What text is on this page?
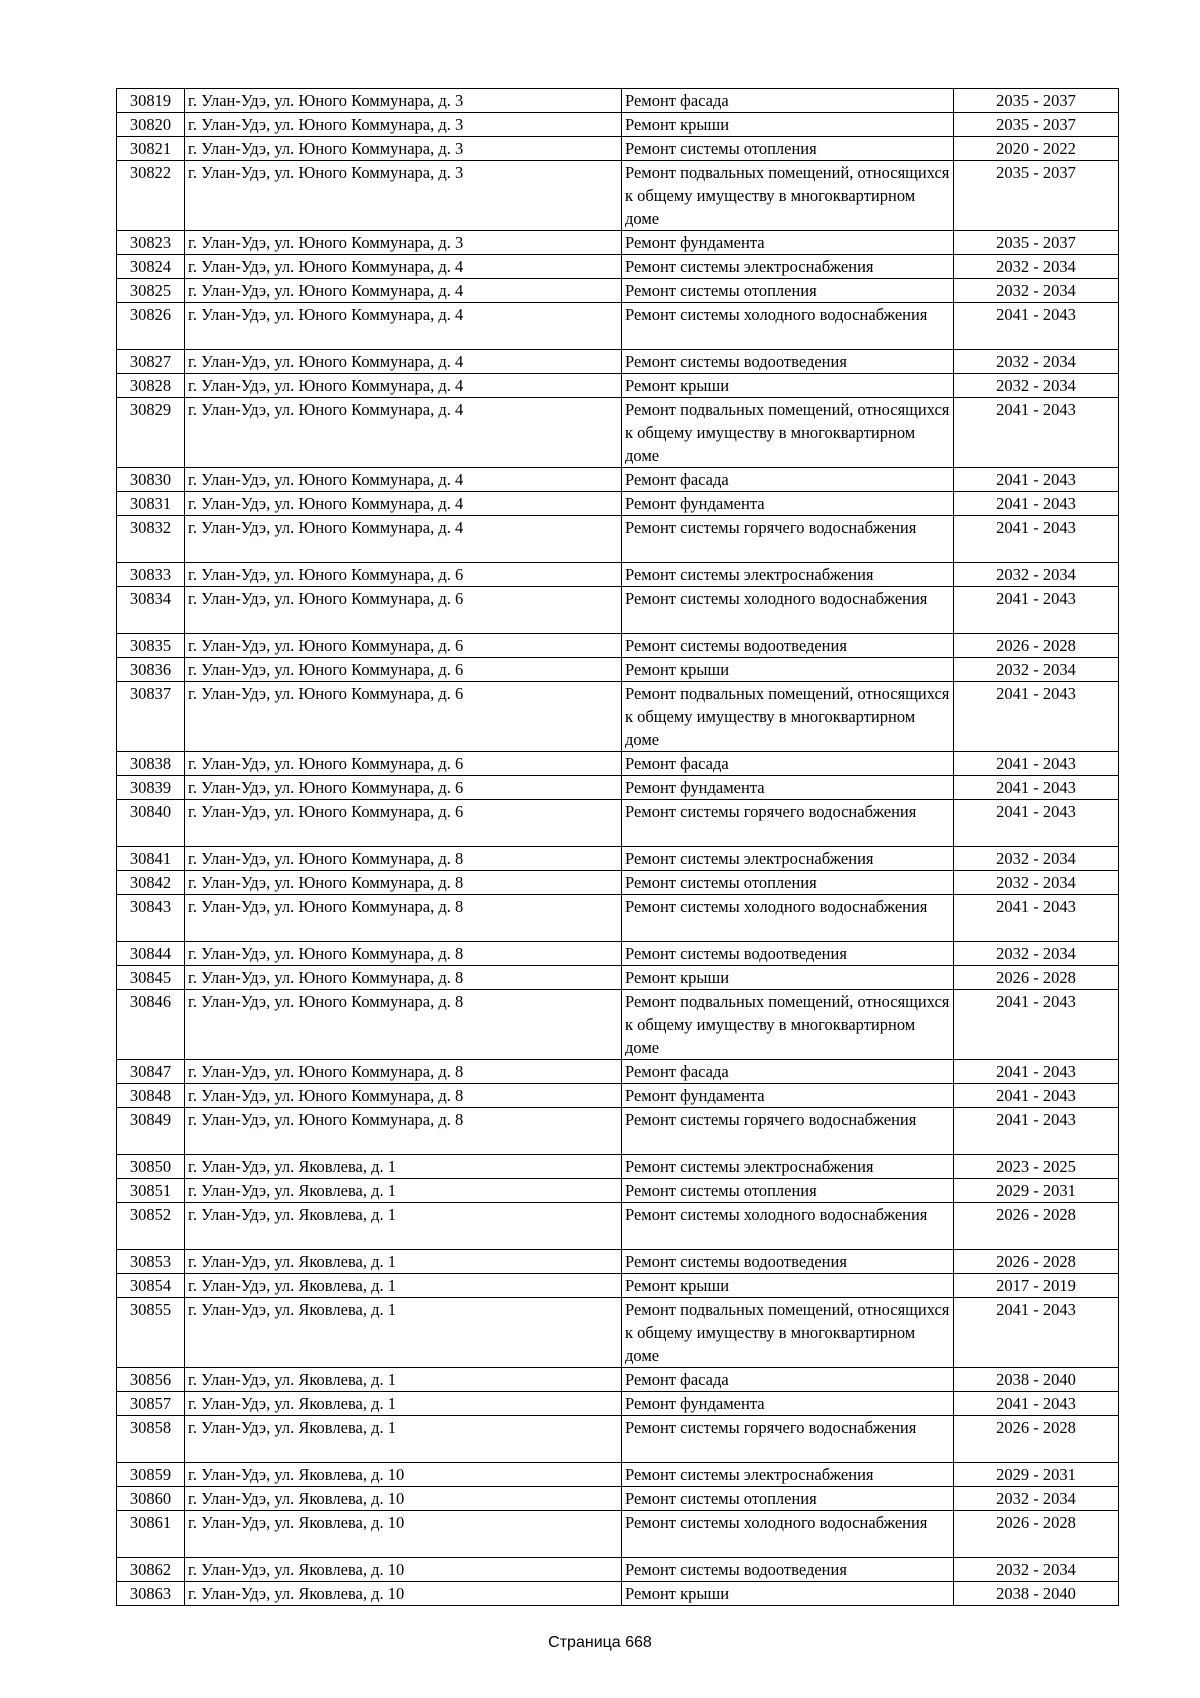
30819	г. Улан-Удэ, ул. Юного Коммунара, д. 3	Ремонт фасада	2035 - 2037
30820	г. Улан-Удэ, ул. Юного Коммунара, д. 3	Ремонт крыши	2035 - 2037
30821	г. Улан-Удэ, ул. Юного Коммунара, д. 3	Ремонт системы отопления	2020 - 2022
30822	г. Улан-Удэ, ул. Юного Коммунара, д. 3	Ремонт подвальных помещений, относящихся к общему имуществу в многоквартирном доме	2035 - 2037
30823	г. Улан-Удэ, ул. Юного Коммунара, д. 3	Ремонт фундамента	2035 - 2037
30824	г. Улан-Удэ, ул. Юного Коммунара, д. 4	Ремонт системы электроснабжения	2032 - 2034
30825	г. Улан-Удэ, ул. Юного Коммунара, д. 4	Ремонт системы отопления	2032 - 2034
30826	г. Улан-Удэ, ул. Юного Коммунара, д. 4	Ремонт системы холодного водоснабжения	2041 - 2043
30827	г. Улан-Удэ, ул. Юного Коммунара, д. 4	Ремонт системы водоотведения	2032 - 2034
30828	г. Улан-Удэ, ул. Юного Коммунара, д. 4	Ремонт крыши	2032 - 2034
30829	г. Улан-Удэ, ул. Юного Коммунара, д. 4	Ремонт подвальных помещений, относящихся к общему имуществу в многоквартирном доме	2041 - 2043
30830	г. Улан-Удэ, ул. Юного Коммунара, д. 4	Ремонт фасада	2041 - 2043
30831	г. Улан-Удэ, ул. Юного Коммунара, д. 4	Ремонт фундамента	2041 - 2043
30832	г. Улан-Удэ, ул. Юного Коммунара, д. 4	Ремонт системы горячего водоснабжения	2041 - 2043
30833	г. Улан-Удэ, ул. Юного Коммунара, д. 6	Ремонт системы электроснабжения	2032 - 2034
30834	г. Улан-Удэ, ул. Юного Коммунара, д. 6	Ремонт системы холодного водоснабжения	2041 - 2043
30835	г. Улан-Удэ, ул. Юного Коммунара, д. 6	Ремонт системы водоотведения	2026 - 2028
30836	г. Улан-Удэ, ул. Юного Коммунара, д. 6	Ремонт крыши	2032 - 2034
30837	г. Улан-Удэ, ул. Юного Коммунара, д. 6	Ремонт подвальных помещений, относящихся к общему имуществу в многоквартирном доме	2041 - 2043
30838	г. Улан-Удэ, ул. Юного Коммунара, д. 6	Ремонт фасада	2041 - 2043
30839	г. Улан-Удэ, ул. Юного Коммунара, д. 6	Ремонт фундамента	2041 - 2043
30840	г. Улан-Удэ, ул. Юного Коммунара, д. 6	Ремонт системы горячего водоснабжения	2041 - 2043
30841	г. Улан-Удэ, ул. Юного Коммунара, д. 8	Ремонт системы электроснабжения	2032 - 2034
30842	г. Улан-Удэ, ул. Юного Коммунара, д. 8	Ремонт системы отопления	2032 - 2034
30843	г. Улан-Удэ, ул. Юного Коммунара, д. 8	Ремонт системы холодного водоснабжения	2041 - 2043
30844	г. Улан-Удэ, ул. Юного Коммунара, д. 8	Ремонт системы водоотведения	2032 - 2034
30845	г. Улан-Удэ, ул. Юного Коммунара, д. 8	Ремонт крыши	2026 - 2028
30846	г. Улан-Удэ, ул. Юного Коммунара, д. 8	Ремонт подвальных помещений, относящихся к общему имуществу в многоквартирном доме	2041 - 2043
30847	г. Улан-Удэ, ул. Юного Коммунара, д. 8	Ремонт фасада	2041 - 2043
30848	г. Улан-Удэ, ул. Юного Коммунара, д. 8	Ремонт фундамента	2041 - 2043
30849	г. Улан-Удэ, ул. Юного Коммунара, д. 8	Ремонт системы горячего водоснабжения	2041 - 2043
30850	г. Улан-Удэ, ул. Яковлева, д. 1	Ремонт системы электроснабжения	2023 - 2025
30851	г. Улан-Удэ, ул. Яковлева, д. 1	Ремонт системы отопления	2029 - 2031
30852	г. Улан-Удэ, ул. Яковлева, д. 1	Ремонт системы холодного водоснабжения	2026 - 2028
30853	г. Улан-Удэ, ул. Яковлева, д. 1	Ремонт системы водоотведения	2026 - 2028
30854	г. Улан-Удэ, ул. Яковлева, д. 1	Ремонт крыши	2017 - 2019
30855	г. Улан-Удэ, ул. Яковлева, д. 1	Ремонт подвальных помещений, относящихся к общему имуществу в многоквартирном доме	2041 - 2043
30856	г. Улан-Удэ, ул. Яковлева, д. 1	Ремонт фасада	2038 - 2040
30857	г. Улан-Удэ, ул. Яковлева, д. 1	Ремонт фундамента	2041 - 2043
30858	г. Улан-Удэ, ул. Яковлева, д. 1	Ремонт системы горячего водоснабжения	2026 - 2028
30859	г. Улан-Удэ, ул. Яковлева, д. 10	Ремонт системы электроснабжения	2029 - 2031
30860	г. Улан-Удэ, ул. Яковлева, д. 10	Ремонт системы отопления	2032 - 2034
30861	г. Улан-Удэ, ул. Яковлева, д. 10	Ремонт системы холодного водоснабжения	2026 - 2028
30862	г. Улан-Удэ, ул. Яковлева, д. 10	Ремонт системы водоотведения	2032 - 2034
30863	г. Улан-Удэ, ул. Яковлева, д. 10	Ремонт крыши	2038 - 2040
Страница 668
